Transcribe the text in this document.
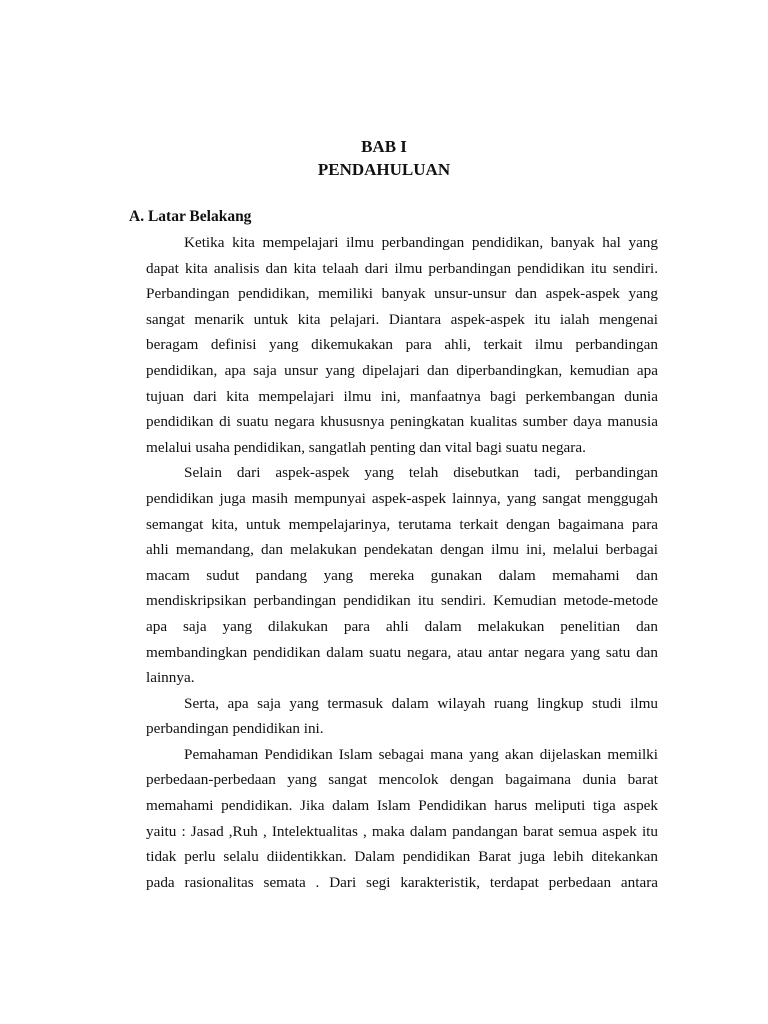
BAB I
PENDAHULUAN
A. Latar Belakang

Ketika kita mempelajari ilmu perbandingan pendidikan, banyak hal yang
dapat kita analisis dan kita telaah dari ilmu perbandingan pendidikan itu sendiri.
Perbandingan pendidikan, memiliki banyak unsur-unsur dan aspek-aspek yang
sangat menarik untuk kita pelajari. Diantara aspek-aspek itu ialah mengenai
beragam definisi yang dikemukakan para ahli, terkait ilmu perbandingan
pendidikan, apa saja unsur yang dipelajari dan diperbandingkan, kemudian apa
tujuan dari kita mempelajari ilmu ini, manfaatnya bagi perkembangan dunia
pendidikan di suatu negara khususnya peningkatan kualitas sumber daya manusia
melalui usaha pendidikan, sangatlah penting dan vital bagi suatu negara.

Selain dari aspek-aspek yang telah disebutkan tadi, perbandingan
pendidikan juga masih mempunyai aspek-aspek lainnya, yang sangat menggugah
semangat kita, untuk mempelajarinya, terutama terkait dengan bagaimana para
ahli memandang, dan melakukan pendekatan dengan ilmu ini, melalui berbagai
macam sudut pandang yang mereka gunakan dalam memahami dan
mendiskripsikan perbandingan pendidikan itu sendiri. Kemudian metode-metode
apa saja yang dilakukan para ahli dalam melakukan penelitian dan
membandingkan pendidikan dalam suatu negara, atau antar negara yang satu dan
lainnya.

Serta, apa saja yang termasuk dalam wilayah ruang lingkup studi ilmu
perbandingan pendidikan ini.

Pemahaman Pendidikan Islam sebagai mana yang akan dijelaskan memilki
perbedaan-perbedaan yang sangat mencolok dengan bagaimana dunia barat
memahami pendidikan. Jika dalam Islam Pendidikan harus meliputi tiga aspek
yaitu : Jasad ,Ruh , Intelektualitas , maka dalam pandangan barat semua aspek itu
tidak perlu selalu diidentikkan. Dalam pendidikan Barat juga lebih ditekankan
pada rasionalitas semata . Dari segi karakteristik, terdapat perbedaan antara
